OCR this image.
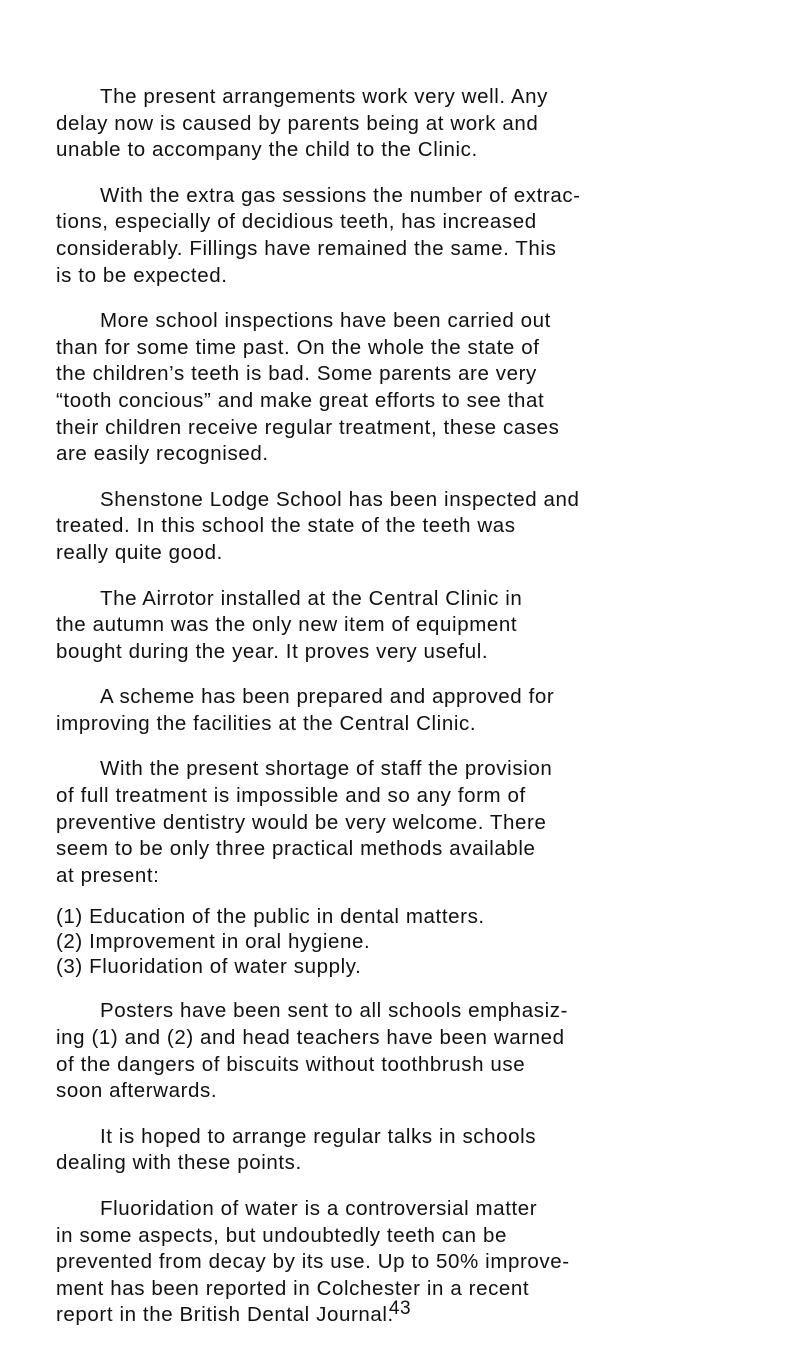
The present arrangements work very well. Any
delay now is caused by parents being at work and
unable to accompany the child to the Clinic.

With the extra gas sessions the number of extrac-
tions, especially of decidious teeth, has increased
considerably. Fillings have remained the same. This
is to be expected.

More school inspections have been carried out
than for some time past. On the whole the state of
the children’s teeth is bad. Some parents are very
“tooth concious” and make great efforts to see that
their children receive regular treatment, these cases
are easily recognised.

Shenstone Lodge School has been inspected and
treated. In this school the state of the teeth was
really quite good.

The Airrotor installed at the Central Clinic in
the autumn was the only new item of equipment
bought during the year. It proves very useful.

A scheme has been prepared and approved for
improving the facilities at the Central Clinic.

With the present shortage of staff the provision
of full treatment is impossible and so any form of
preventive dentistry would be very welcome. There
seem to be only three practical methods available
at present:

(1) Education of the public in dental matters.
(2) Improvement in oral hygiene.
(3) Fluoridation of water supply.

Posters have been sent to all schools emphasiz-
ing (1) and (2) and head teachers have been warned
of the dangers of biscuits without toothbrush use
soon afterwards.

It is hoped to arrange regular talks in schools
dealing with these points.

Fluoridation of water is a controversial matter
in some aspects, but undoubtedly teeth can be
prevented from decay by its use. Up to 50% improve-
ment has been reported in Colchester in a recent
report in the British Dental Journal.

43
